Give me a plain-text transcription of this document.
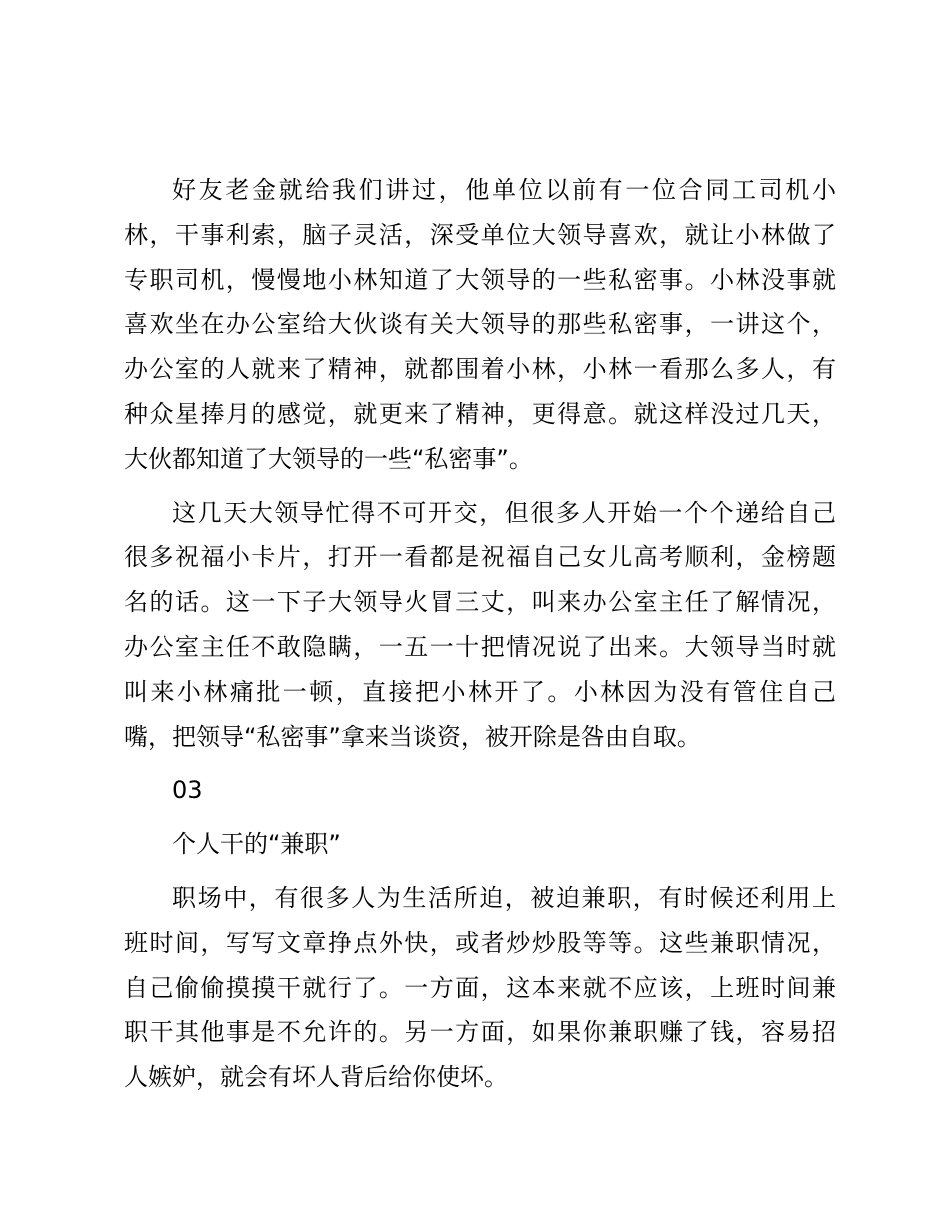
好友老金就给我们讲过，他单位以前有一位合同工司机小
林，干事利索，脑子灵活，深受单位大领导喜欢，就让小林做了
专职司机，慢慢地小林知道了大领导的一些私密事。小林没事就
喜欢坐在办公室给大伙谈有关大领导的那些私密事，一讲这个，
办公室的人就来了精神，就都围着小林，小林一看那么多人，有
种众星捧月的感觉，就更来了精神，更得意。就这样没过几天，
大伙都知道了大领导的一些“私密事”。
这几天大领导忙得不可开交，但很多人开始一个个递给自己
很多祝福小卡片，打开一看都是祝福自己女儿高考顺利，金榜题
名的话。这一下子大领导火冒三丈，叫来办公室主任了解情况，
办公室主任不敢隐瞒，一五一十把情况说了出来。大领导当时就
叫来小林痛批一顿，直接把小林开了。小林因为没有管住自己
嘴，把领导“私密事”拿来当谈资，被开除是咎由自取。
03
个人干的“兼职”
职场中，有很多人为生活所迫，被迫兼职，有时候还利用上
班时间，写写文章挣点外快，或者炒炒股等等。这些兼职情况，
自己偷偷摸摸干就行了。一方面，这本来就不应该，上班时间兼
职干其他事是不允许的。另一方面，如果你兼职赚了钱，容易招
人嫉妒，就会有坏人背后给你使坏。
